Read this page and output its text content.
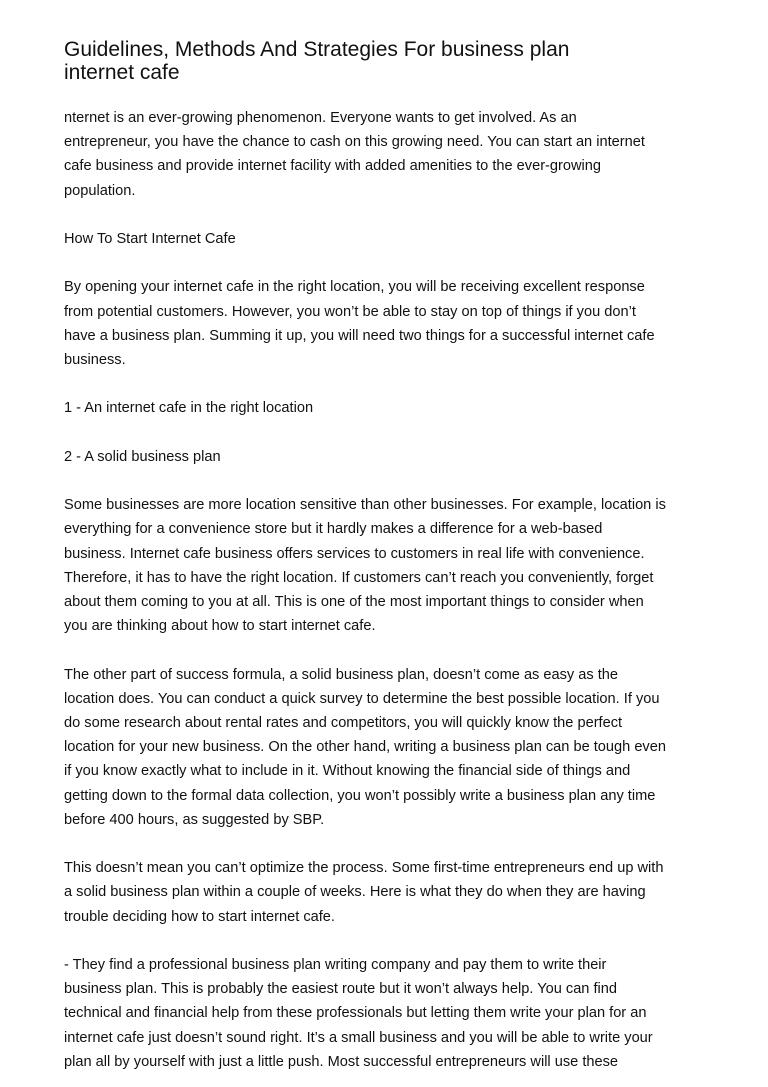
Guidelines, Methods And Strategies For business plan
internet cafe

nternet is an ever-growing phenomenon. Everyone wants to get involved. As an
entrepreneur, you have the chance to cash on this growing need. You can start an internet
cafe business and provide internet facility with added amenities to the ever-growing
population.

How To Start Internet Cafe

By opening your internet cafe in the right location, you will be receiving excellent response
from potential customers. However, you won’t be able to stay on top of things if you don’t
have a business plan. Summing it up, you will need two things for a successful internet cafe
business.

1 - An internet cafe in the right location

2 - A solid business plan

Some businesses are more location sensitive than other businesses. For example, location is
everything for a convenience store but it hardly makes a difference for a web-based
business. Internet cafe business offers services to customers in real life with convenience.
Therefore, it has to have the right location. If customers can’t reach you conveniently, forget
about them coming to you at all. This is one of the most important things to consider when
you are thinking about how to start internet cafe.

The other part of success formula, a solid business plan, doesn’t come as easy as the
location does. You can conduct a quick survey to determine the best possible location. If you
do some research about rental rates and competitors, you will quickly know the perfect
location for your new business. On the other hand, writing a business plan can be tough even
if you know exactly what to include in it. Without knowing the financial side of things and
getting down to the formal data collection, you won’t possibly write a business plan any time
before 400 hours, as suggested by SBP.

This doesn’t mean you can’t optimize the process. Some first-time entrepreneurs end up with
a solid business plan within a couple of weeks. Here is what they do when they are having
trouble deciding how to start internet cafe.

- They find a professional business plan writing company and pay them to write their
business plan. This is probably the easiest route but it won’t always help. You can find
technical and financial help from these professionals but letting them write your plan for an
internet cafe just doesn’t sound right. It’s a small business and you will be able to write your
plan all by yourself with just a little push. Most successful entrepreneurs will use these
